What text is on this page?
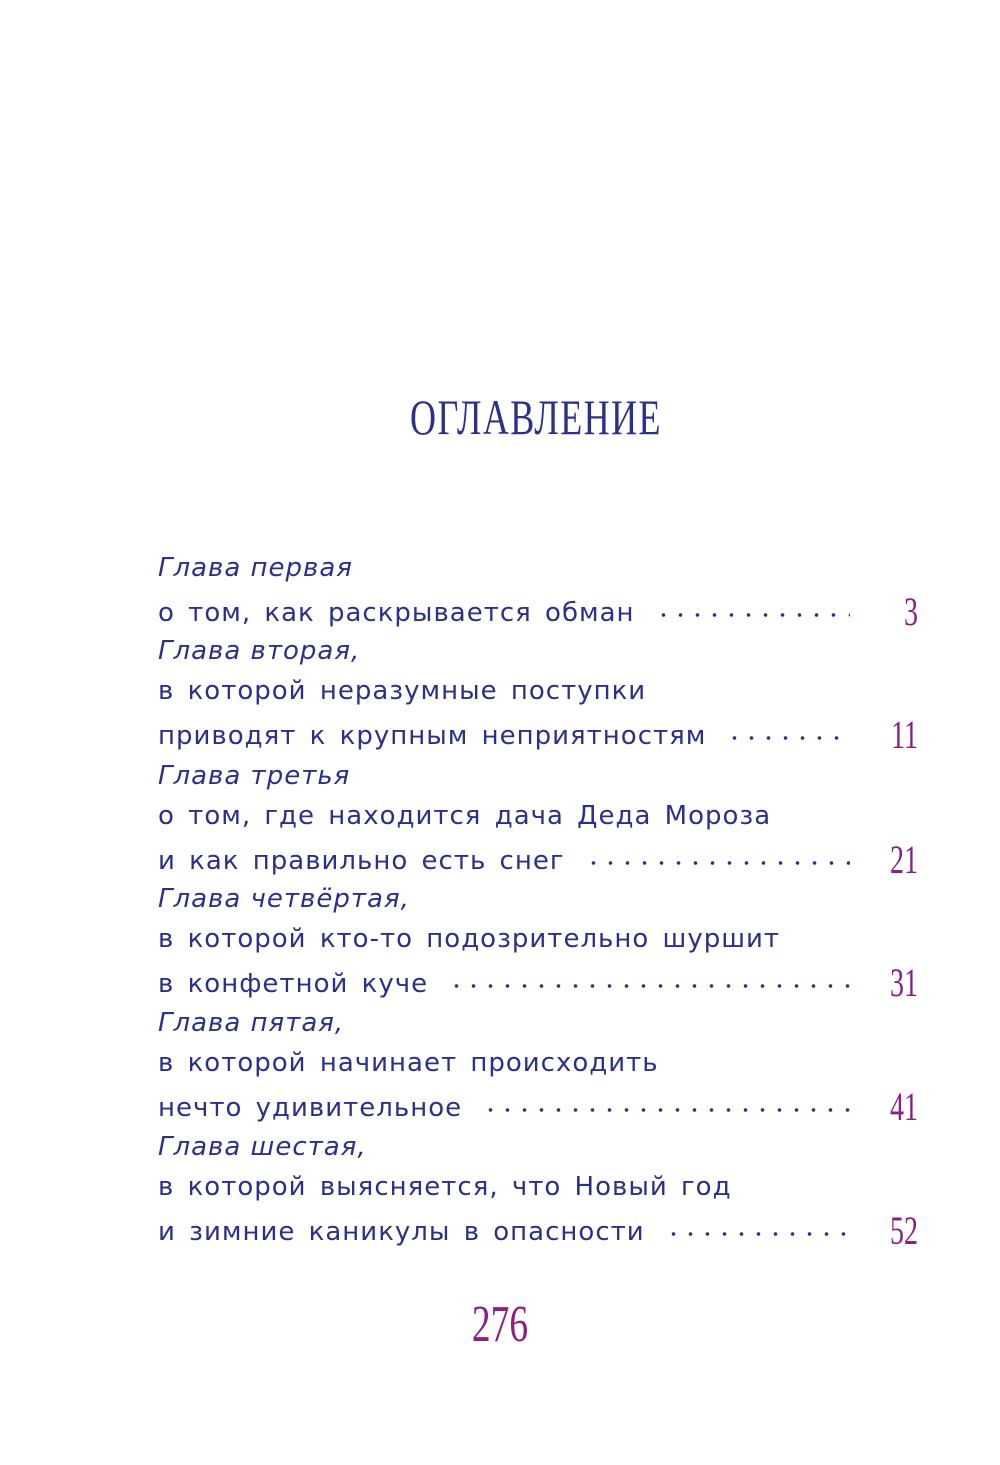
ОГЛАВЛЕНИЕ
Глава первая
о том, как раскрывается обман	3
Глава вторая,
в которой неразумные поступки
приводят к крупным неприятностям	11
Глава третья
о том, где находится дача Деда Мороза
и как правильно есть снег	21
Глава четвёртая,
в которой кто-то подозрительно шуршит
в конфетной куче	31
Глава пятая,
в которой начинает происходить
нечто удивительное	41
Глава шестая,
в которой выясняется, что Новый год
и зимние каникулы в опасности	52
276
